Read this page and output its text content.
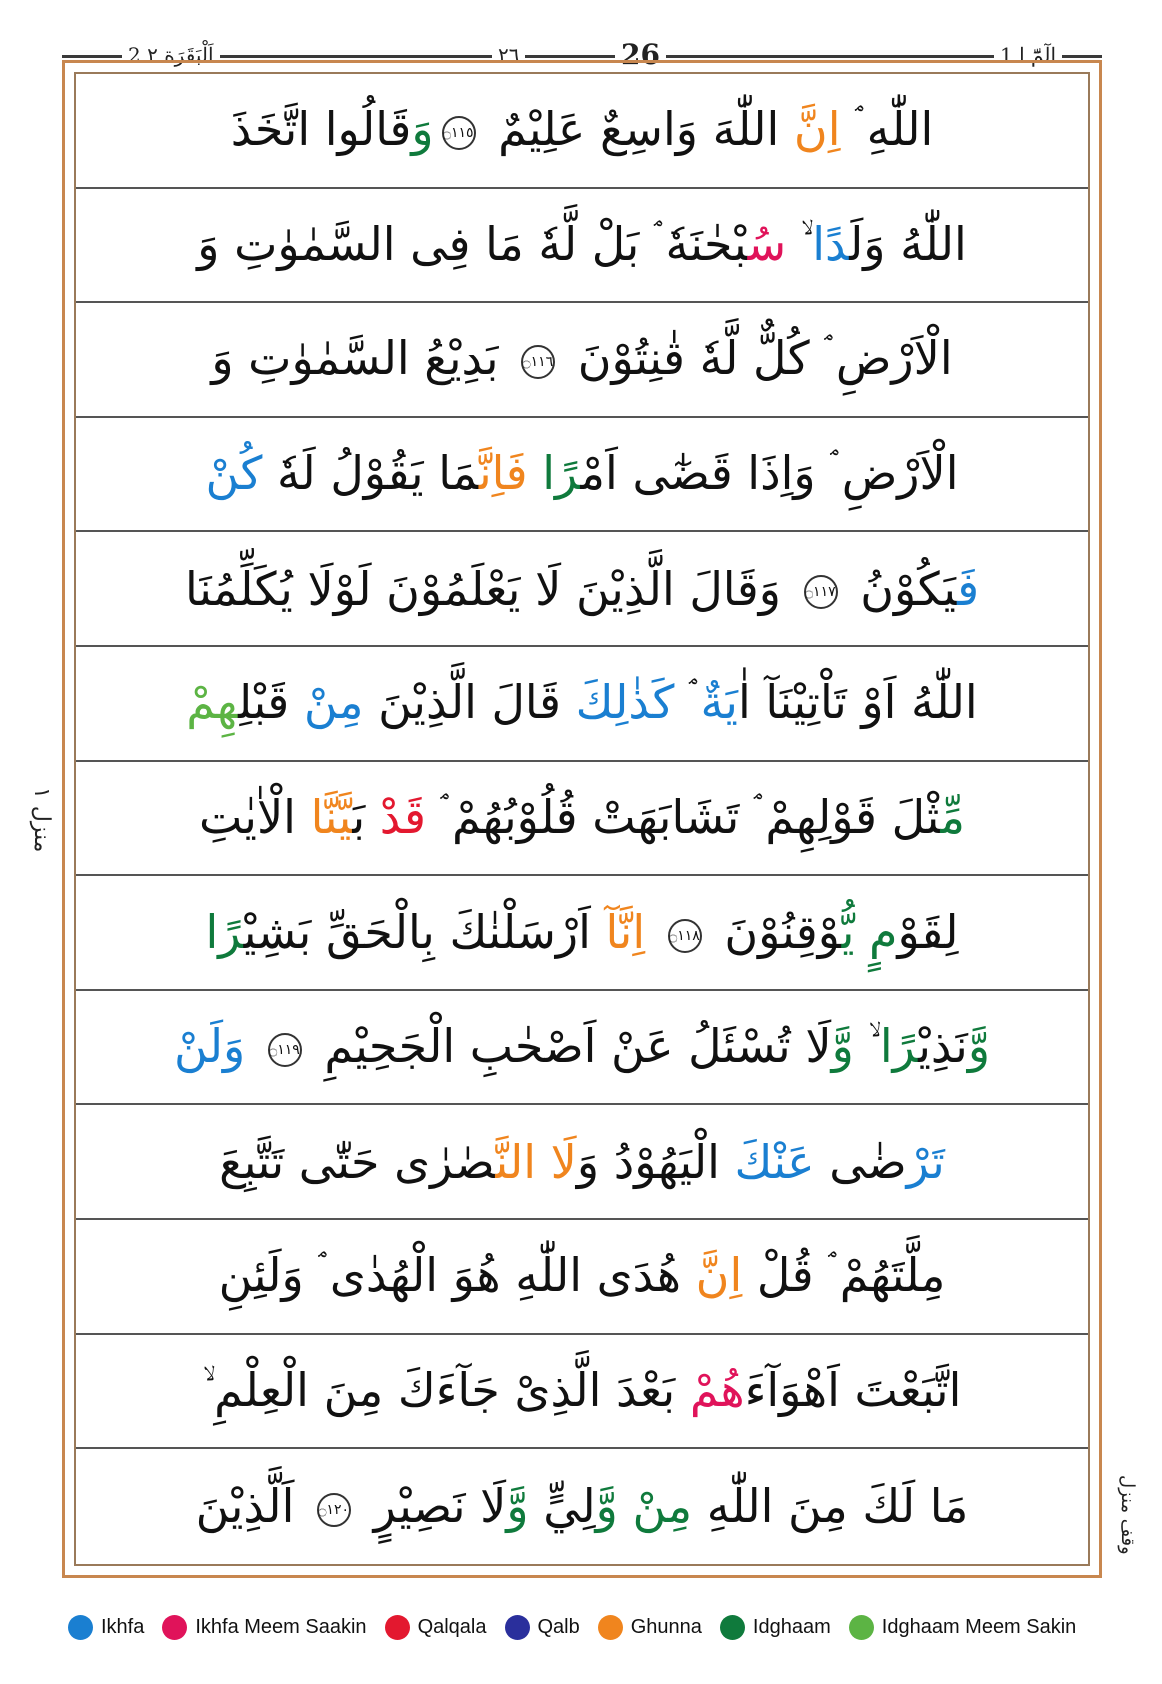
2 اَلْبَقَرَة ٢	٢٦	26	1 الٓمّٓ ا
اللّٰهِ ۘ اِنَّ اللّٰهَ وَاسِعٌ عَلِيْمٌ ۝١١٥وَقَالُوا اتَّخَذَ
اللّٰهُ وَلَدًا ۙ سُبْحٰنَهٗ ۘ بَلْ لَّهٗ مَا فِى السَّمٰوٰتِ وَ
الْاَرْضِ ۘ كُلٌّ لَّهٗ قٰنِتُوْنَ ۝١١٦ بَدِيْعُ السَّمٰوٰتِ وَ
الْاَرْضِ ۘ وَاِذَا قَضٰٓى اَمْرًا فَاِنَّمَا يَقُوْلُ لَهٗ كُنْ
فَيَكُوْنُ ۝١١٧ وَقَالَ الَّذِيْنَ لَا يَعْلَمُوْنَ لَوْلَا يُكَلِّمُنَا
اللّٰهُ اَوْ تَاْتِيْنَآ اٰيَةٌ ۘ كَذٰلِكَ قَالَ الَّذِيْنَ مِنْ قَبْلِهِمْ
مِّثْلَ قَوْلِهِمْ ۘ تَشَابَهَتْ قُلُوْبُهُمْ ۘ قَدْ بَيَّنَّا الْاٰيٰتِ
لِقَوْمٍ يُّوْقِنُوْنَ ۝١١٨ اِنَّآ اَرْسَلْنٰكَ بِالْحَقِّ بَشِيْرًا
وَّنَذِيْرًا ۙ وَّلَا تُسْئَلُ عَنْ اَصْحٰبِ الْجَحِيْمِ ۝١١٩ وَلَنْ
تَرْضٰى عَنْكَ الْيَهُوْدُ وَلَا النَّصٰرٰى حَتّٰى تَتَّبِعَ
مِلَّتَهُمْ ۘ قُلْ اِنَّ هُدَى اللّٰهِ هُوَ الْهُدٰى ۘ وَلَئِنِ
اتَّبَعْتَ اَهْوَآءَهُمْ بَعْدَ الَّذِىْ جَآءَكَ مِنَ الْعِلْمِ ۙ
مَا لَكَ مِنَ اللّٰهِ مِنْ وَّلِيٍّ وَّلَا نَصِيْرٍ ۝١٢٠ اَلَّذِيْنَ
منزل ١
وقف منزل
Ikhfa	Ikhfa Meem Saakin	Qalqala	Qalb	Ghunna	Idghaam	Idghaam Meem Sakin
